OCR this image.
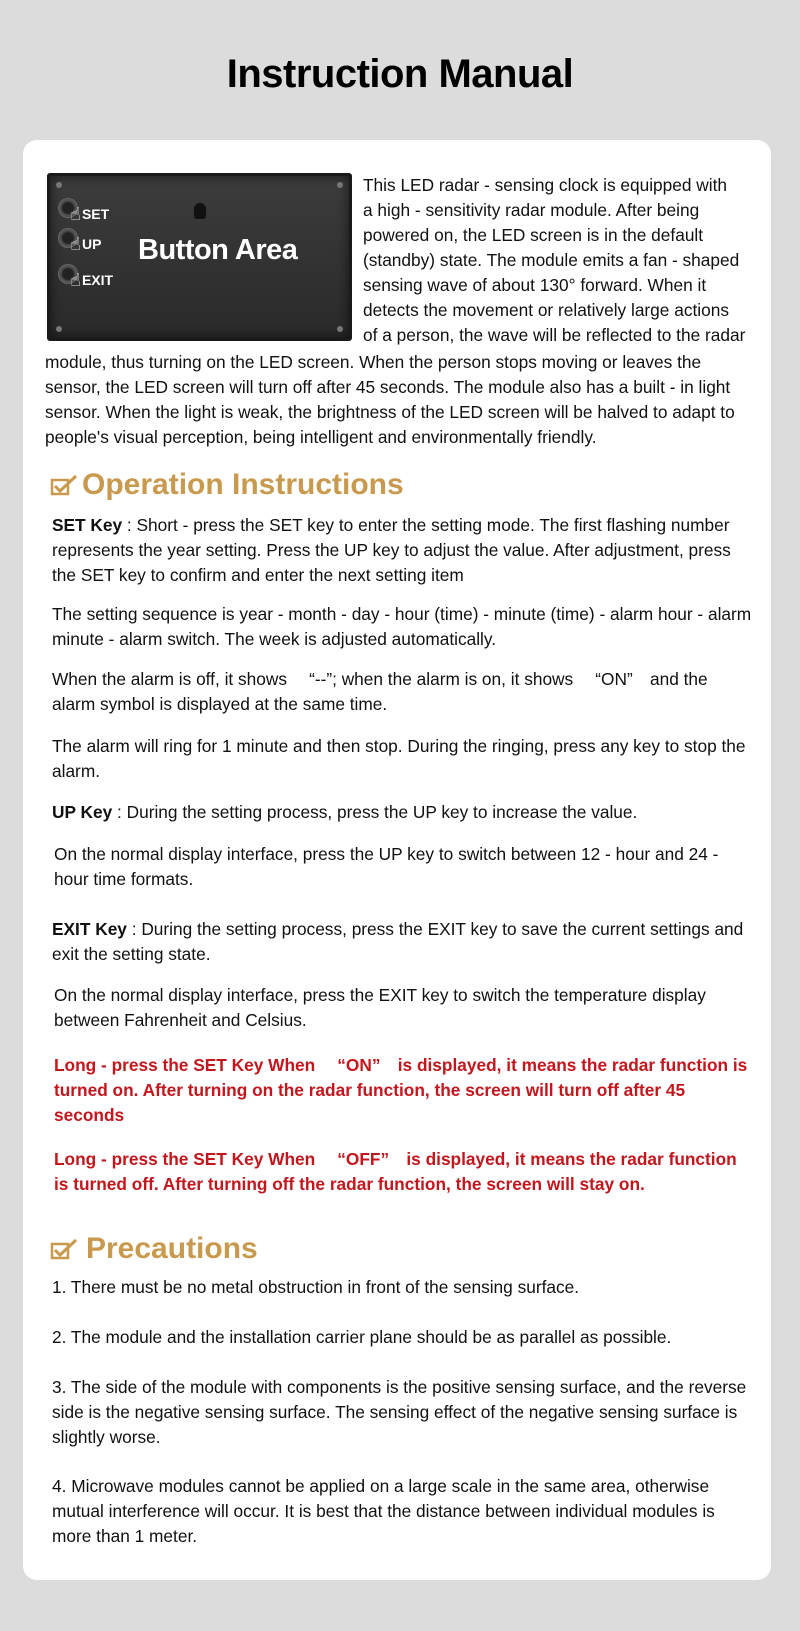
Instruction Manual
☝ SET
☝ UP
☝ EXIT
Button Area
This LED radar - sensing clock is equipped with
a high - sensitivity radar module. After being
powered on, the LED screen is in the default
(standby) state. The module emits a fan - shaped
sensing wave of about 130° forward. When it
detects the movement or relatively large actions
of a person, the wave will be reflected to the radar
module, thus turning on the LED screen. When the person stops moving or leaves the
sensor, the LED screen will turn off after 45 seconds. The module also has a built - in light
sensor. When the light is weak, the brightness of the LED screen will be halved to adapt to
people's visual perception, being intelligent and environmentally friendly.
Operation Instructions
SET Key : Short - press the SET key to enter the setting mode. The first flashing number represents the year setting. Press the UP key to adjust the value. After adjustment, press the SET key to confirm and enter the next setting item
The setting sequence is year - month - day - hour (time) - minute (time) - alarm hour - alarm minute - alarm switch. The week is adjusted automatically.
When the alarm is off, it shows 　“--”; when the alarm is on, it shows 　“ON”　and the alarm symbol is displayed at the same time.
The alarm will ring for 1 minute and then stop. During the ringing, press any key to stop the alarm.
UP Key : During the setting process, press the UP key to increase the value.
On the normal display interface, press the UP key to switch between 12 - hour and 24 - hour time formats.
EXIT Key : During the setting process, press the EXIT key to save the current settings and exit the setting state.
On the normal display interface, press the EXIT key to switch the temperature display between Fahrenheit and Celsius.
Long - press the SET Key When 　“ON”　is displayed, it means the radar function is turned on. After turning on the radar function, the screen will turn off after 45 seconds
Long - press the SET Key When 　“OFF”　is displayed, it means the radar function is turned off. After turning off the radar function, the screen will stay on.
Precautions
1. There must be no metal obstruction in front of the sensing surface.
2. The module and the installation carrier plane should be as parallel as possible.
3. The side of the module with components is the positive sensing surface, and the reverse side is the negative sensing surface. The sensing effect of the negative sensing surface is slightly worse.
4. Microwave modules cannot be applied on a large scale in the same area, otherwise mutual interference will occur. It is best that the distance between individual modules is more than 1 meter.
